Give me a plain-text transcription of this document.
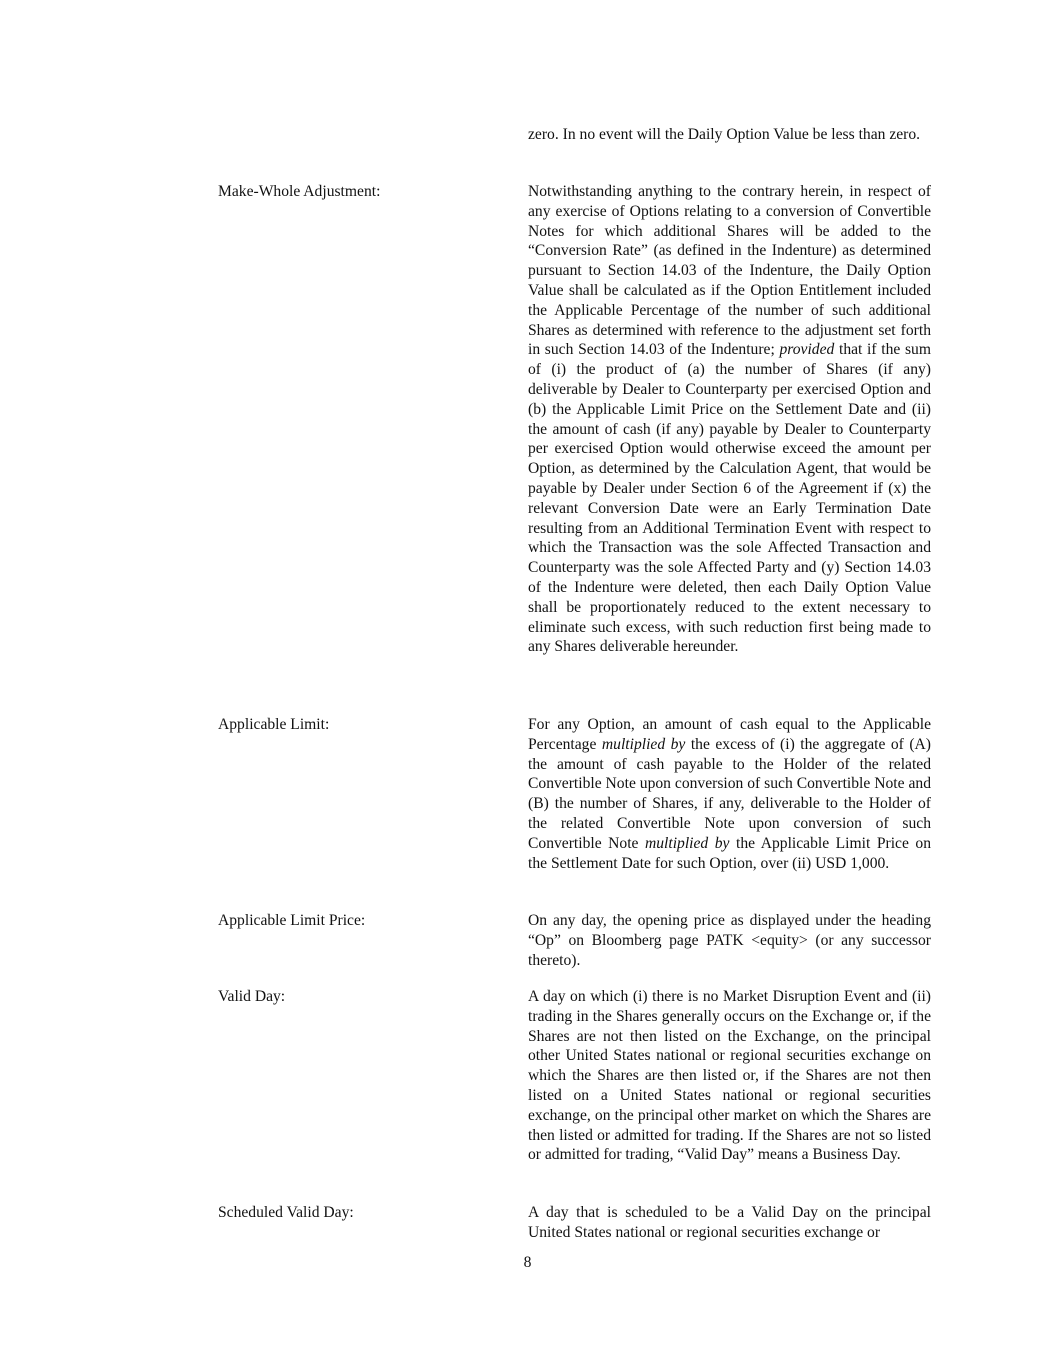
zero. In no event will the Daily Option Value be less than zero.
Make-Whole Adjustment:	Notwithstanding anything to the contrary herein, in respect of any exercise of Options relating to a conversion of Convertible Notes for which additional Shares will be added to the “Conversion Rate” (as defined in the Indenture) as determined pursuant to Section 14.03 of the Indenture, the Daily Option Value shall be calculated as if the Option Entitlement included the Applicable Percentage of the number of such additional Shares as determined with reference to the adjustment set forth in such Section 14.03 of the Indenture; provided that if the sum of (i) the product of (a) the number of Shares (if any) deliverable by Dealer to Counterparty per exercised Option and (b) the Applicable Limit Price on the Settlement Date and (ii) the amount of cash (if any) payable by Dealer to Counterparty per exercised Option would otherwise exceed the amount per Option, as determined by the Calculation Agent, that would be payable by Dealer under Section 6 of the Agreement if (x) the relevant Conversion Date were an Early Termination Date resulting from an Additional Termination Event with respect to which the Transaction was the sole Affected Transaction and Counterparty was the sole Affected Party and (y) Section 14.03 of the Indenture were deleted, then each Daily Option Value shall be proportionately reduced to the extent necessary to eliminate such excess, with such reduction first being made to any Shares deliverable hereunder.
Applicable Limit:	For any Option, an amount of cash equal to the Applicable Percentage multiplied by the excess of (i) the aggregate of (A) the amount of cash payable to the Holder of the related Convertible Note upon conversion of such Convertible Note and (B) the number of Shares, if any, deliverable to the Holder of the related Convertible Note upon conversion of such Convertible Note multiplied by the Applicable Limit Price on the Settlement Date for such Option, over (ii) USD 1,000.
Applicable Limit Price:	On any day, the opening price as displayed under the heading “Op” on Bloomberg page PATK <equity> (or any successor thereto).
Valid Day:	A day on which (i) there is no Market Disruption Event and (ii) trading in the Shares generally occurs on the Exchange or, if the Shares are not then listed on the Exchange, on the principal other United States national or regional securities exchange on which the Shares are then listed or, if the Shares are not then listed on a United States national or regional securities exchange, on the principal other market on which the Shares are then listed or admitted for trading. If the Shares are not so listed or admitted for trading, “Valid Day” means a Business Day.
Scheduled Valid Day:	A day that is scheduled to be a Valid Day on the principal United States national or regional securities exchange or
8
